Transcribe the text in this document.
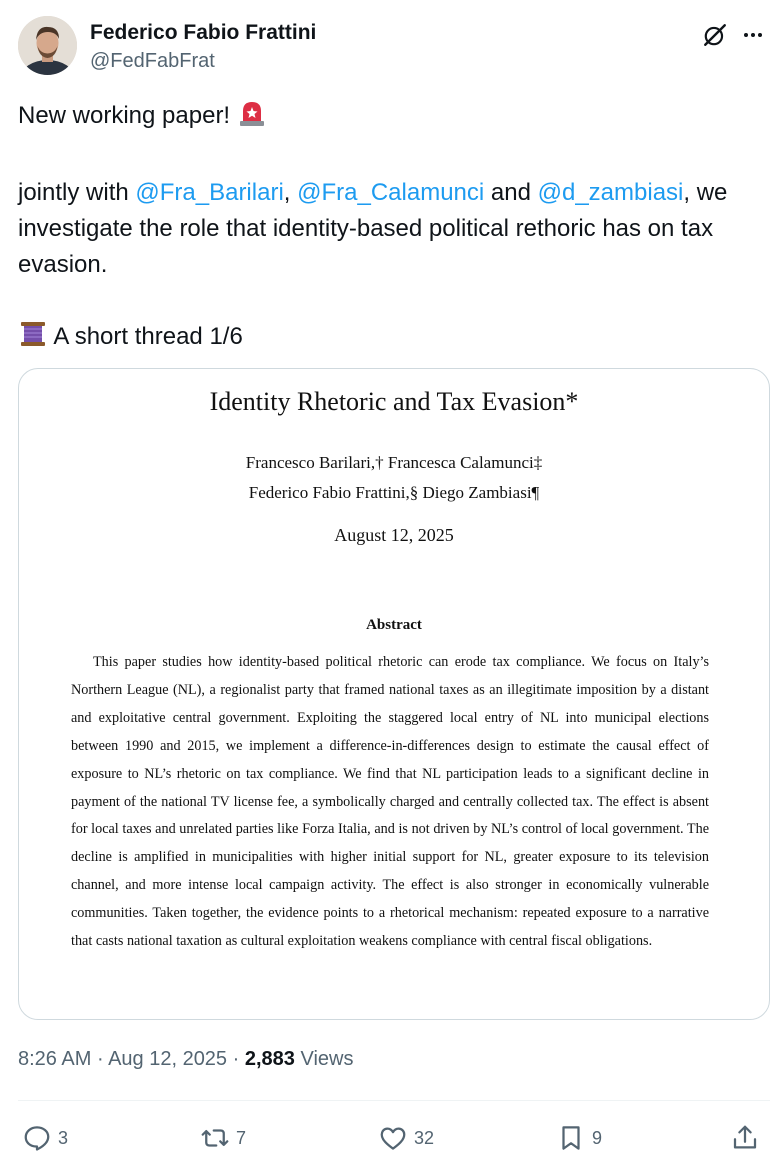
Federico Fabio Frattini
@FedFabFrat

New working paper!

jointly with @Fra_Barilari, @Fra_Calamunci and @d_zambiasi, we investigate the role that identity-based political rethoric has on tax evasion.

A short thread 1/6

Identity Rhetoric and Tax Evasion*
Francesco Barilari,† Francesca Calamunci‡
Federico Fabio Frattini,§ Diego Zambiasi¶
August 12, 2025
Abstract
This paper studies how identity-based political rhetoric can erode tax compliance. We focus on Italy’s Northern League (NL), a regionalist party that framed national taxes as an illegitimate imposition by a distant and exploitative central government. Exploiting the staggered local entry of NL into municipal elections between 1990 and 2015, we implement a difference-in-differences design to estimate the causal effect of exposure to NL’s rhetoric on tax compliance. We find that NL participation leads to a significant decline in payment of the national TV license fee, a symbolically charged and centrally collected tax. The effect is absent for local taxes and unrelated parties like Forza Italia, and is not driven by NL’s control of local government. The decline is amplified in municipalities with higher initial support for NL, greater exposure to its television channel, and more intense local campaign activity. The effect is also stronger in economically vulnerable communities. Taken together, the evidence points to a rhetorical mechanism: repeated exposure to a narrative that casts national taxation as cultural exploitation weakens compliance with central fiscal obligations.
8:26 AM · Aug 12, 2025 · 2,883 Views
3	7	32	9
